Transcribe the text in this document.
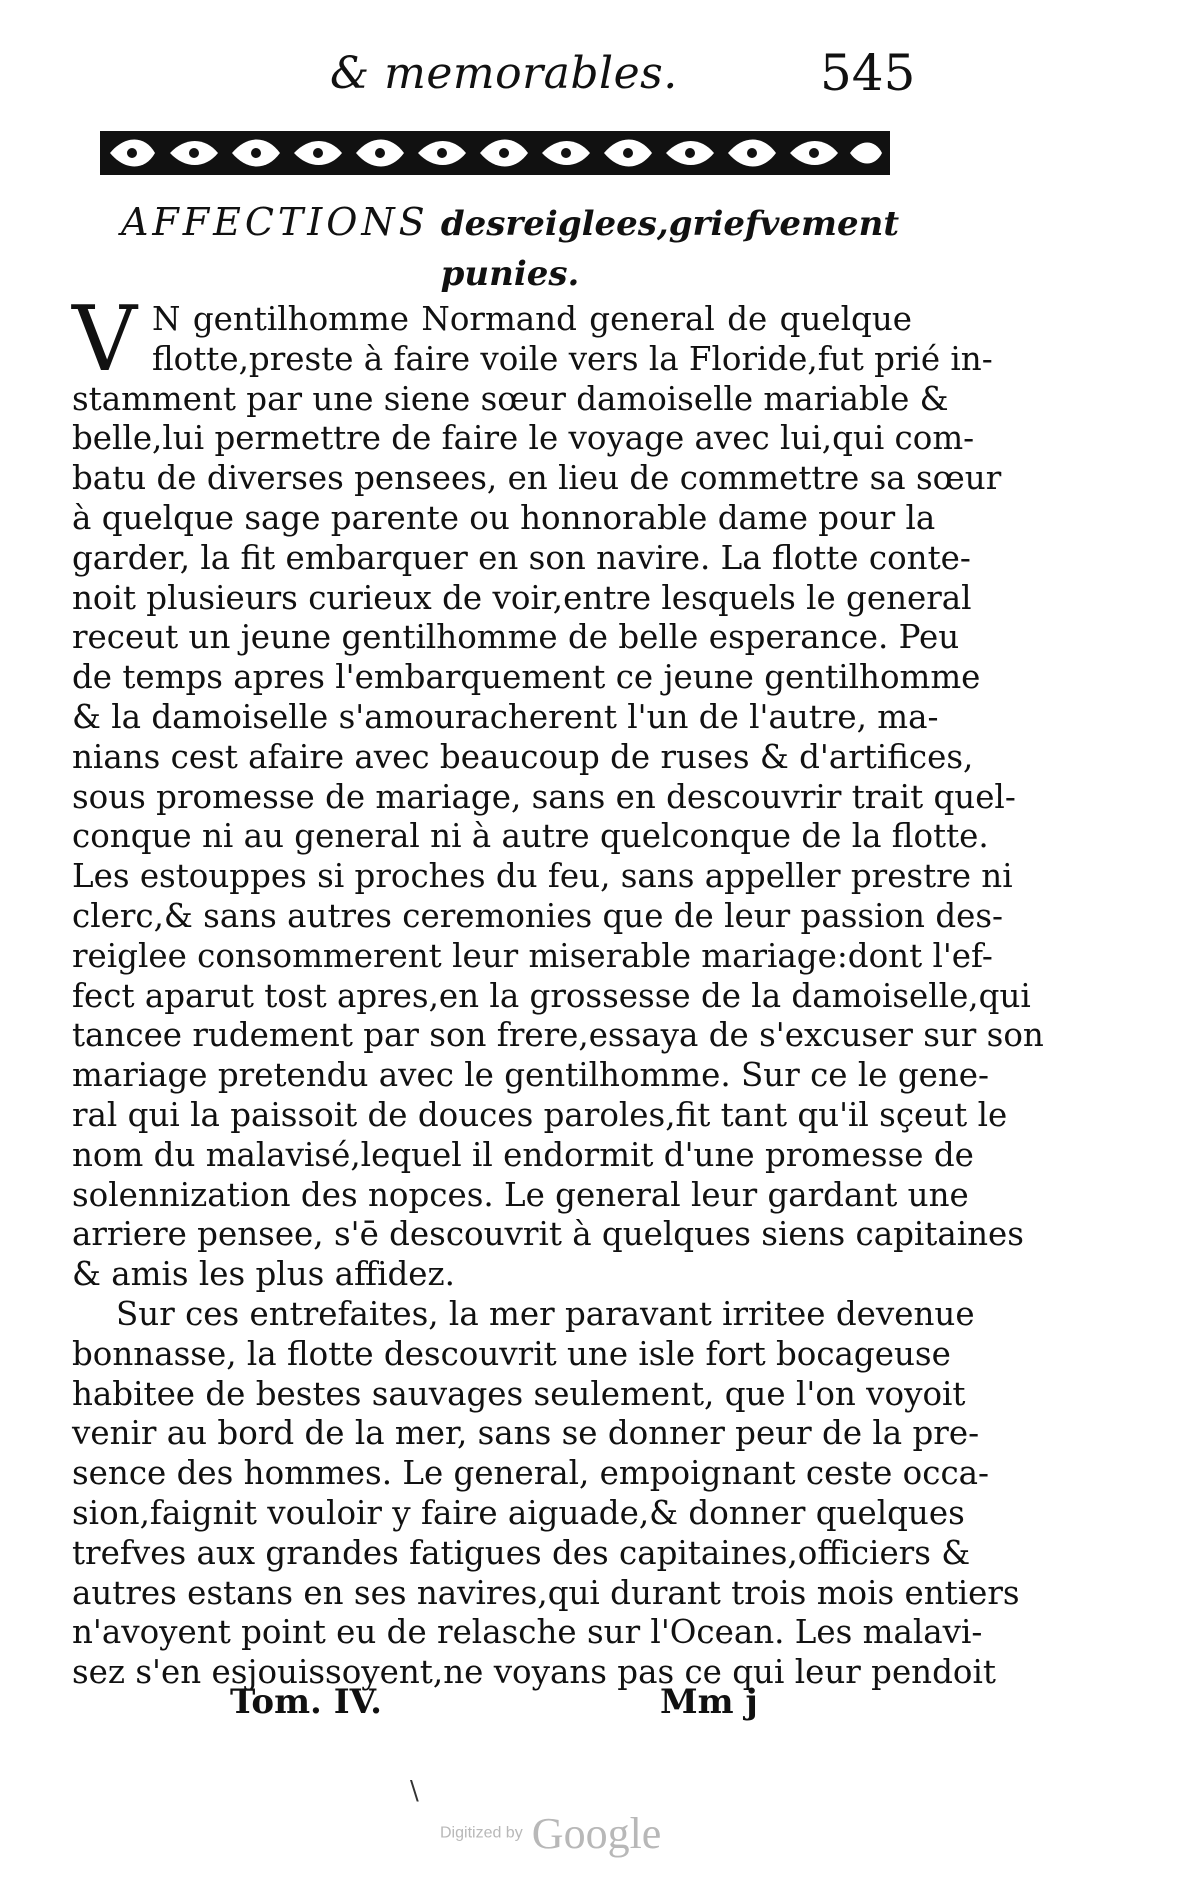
& memorables.	545
AFFECTIONS desreiglees,griefvement
punies.
V N gentilhomme Normand general de quelque
flotte,preste à faire voile vers la Floride,fut prié in-
stamment par une siene sœur damoiselle mariable &
belle,lui permettre de faire le voyage avec lui,qui com-
batu de diverses pensees, en lieu de commettre sa sœur
à quelque sage parente ou honnorable dame pour la
garder, la fit embarquer en son navire. La flotte conte-
noit plusieurs curieux de voir,entre lesquels le general
receut un jeune gentilhomme de belle esperance. Peu
de temps apres l'embarquement ce jeune gentilhomme
& la damoiselle s'amouracherent l'un de l'autre, ma-
nians cest afaire avec beaucoup de ruses & d'artifices,
sous promesse de mariage, sans en descouvrir trait quel-
conque ni au general ni à autre quelconque de la flotte.
Les estouppes si proches du feu, sans appeller prestre ni
clerc,& sans autres ceremonies que de leur passion des-
reiglee consommerent leur miserable mariage:dont l'ef-
fect aparut tost apres,en la grossesse de la damoiselle,qui
tancee rudement par son frere,essaya de s'excuser sur son
mariage pretendu avec le gentilhomme. Sur ce le gene-
ral qui la paissoit de douces paroles,fit tant qu'il sçeut le
nom du malavisé,lequel il endormit d'une promesse de
solennization des nopces. Le general leur gardant une
arriere pensee, s'ē descouvrit à quelques siens capitaines
& amis les plus affidez.
Sur ces entrefaites, la mer paravant irritee devenue
bonnasse, la flotte descouvrit une isle fort bocageuse
habitee de bestes sauvages seulement, que l'on voyoit
venir au bord de la mer, sans se donner peur de la pre-
sence des hommes. Le general, empoignant ceste occa-
sion,faignit vouloir y faire aiguade,& donner quelques
trefves aux grandes fatigues des capitaines,officiers &
autres estans en ses navires,qui durant trois mois entiers
n'avoyent point eu de relasche sur l'Ocean. Les malavi-
sez s'en esjouissoyent,ne voyans pas ce qui leur pendoit
Tom. IV.	Mm j
\
Digitized by Google
